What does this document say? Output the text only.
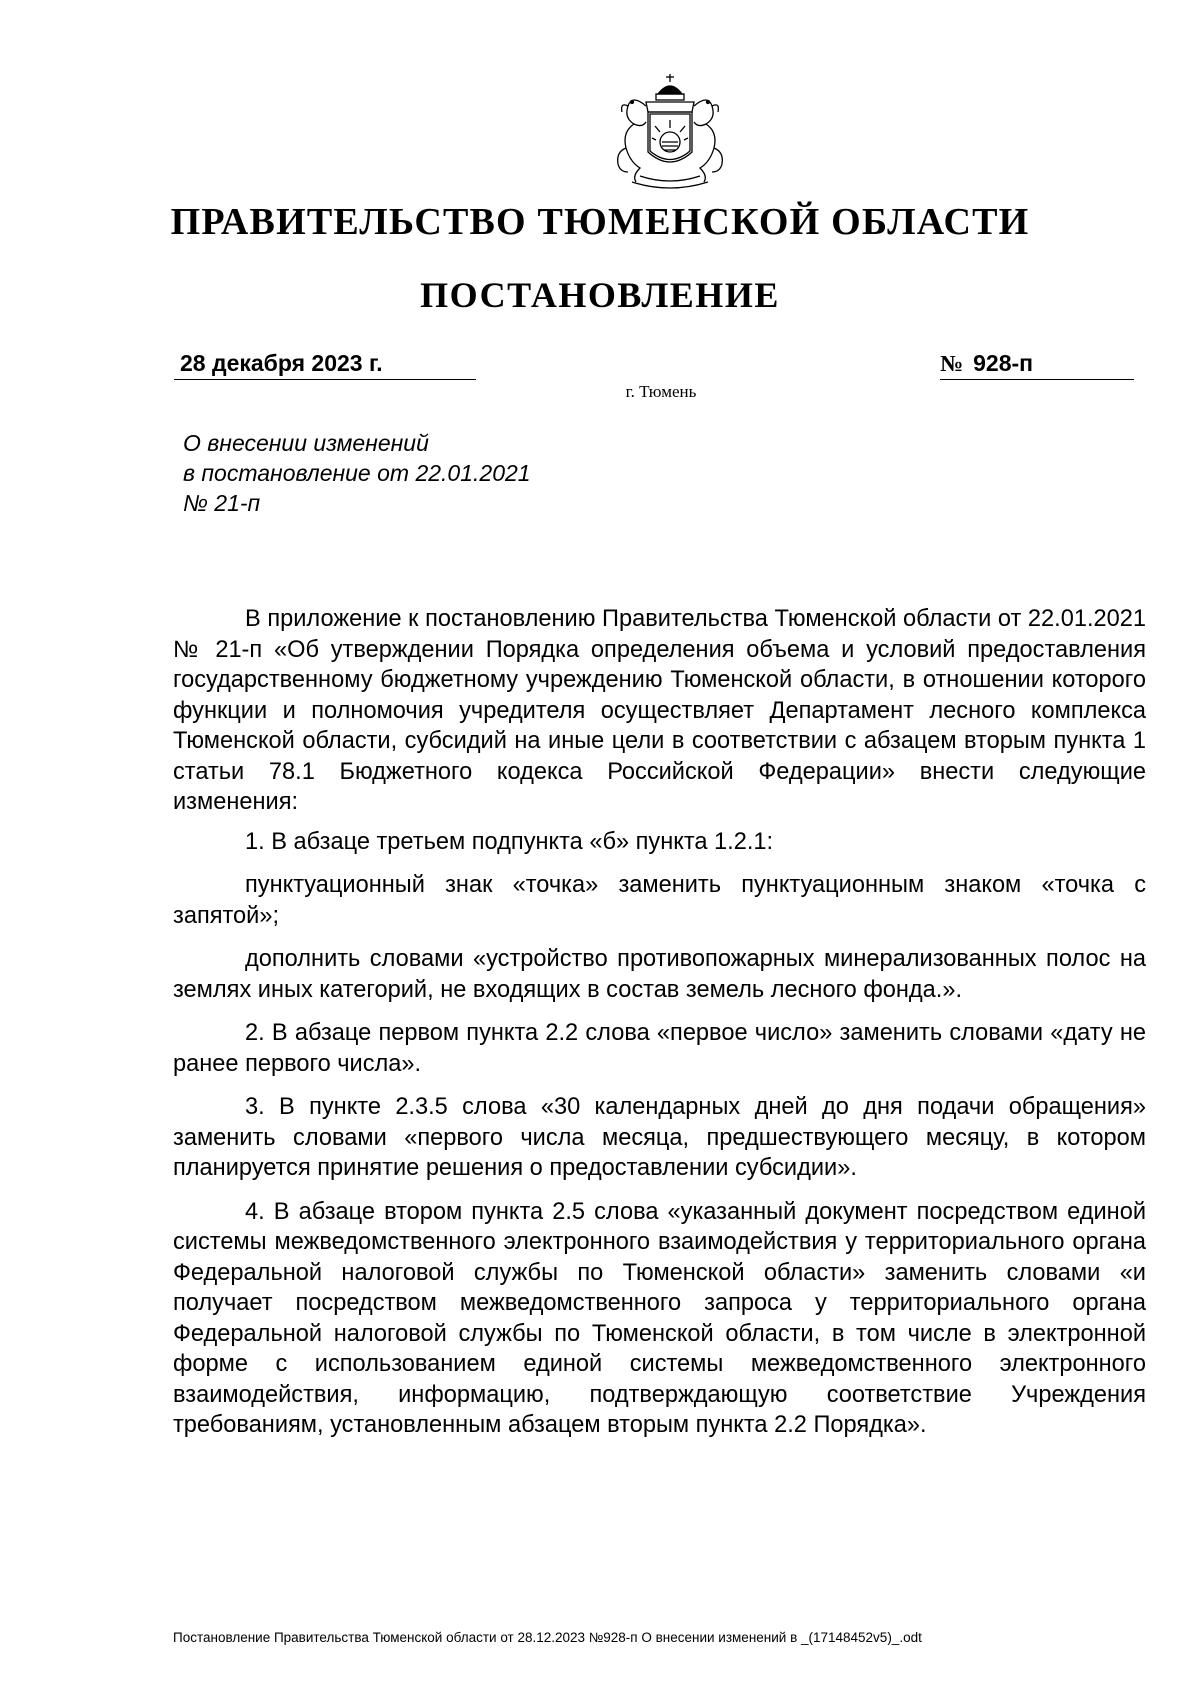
ПРАВИТЕЛЬСТВО ТЮМЕНСКОЙ ОБЛАСТИ
ПОСТАНОВЛЕНИЕ
28 декабря 2023 г.	№ 928-п
г. Тюмень
О внесении изменений
в постановление от 22.01.2021
№ 21-п

В приложение к постановлению Правительства Тюменской области от 22.01.2021 № 21-п «Об утверждении Порядка определения объема и условий предоставления государственному бюджетному учреждению Тюменской области, в отношении которого функции и полномочия учредителя осуществляет Департамент лесного комплекса Тюменской области, субсидий на иные цели в соответствии с абзацем вторым пункта 1 статьи 78.1 Бюджетного кодекса Российской Федерации» внести следующие изменения:

1. В абзаце третьем подпункта «б» пункта 1.2.1:

пунктуационный знак «точка» заменить пунктуационным знаком «точка с запятой»;

дополнить словами «устройство противопожарных минерализованных полос на землях иных категорий, не входящих в состав земель лесного фонда.».

2. В абзаце первом пункта 2.2 слова «первое число» заменить словами «дату не ранее первого числа».

3. В пункте 2.3.5 слова «30 календарных дней до дня подачи обращения» заменить словами «первого числа месяца, предшествующего месяцу, в котором планируется принятие решения о предоставлении субсидии».

4. В абзаце втором пункта 2.5 слова «указанный документ посредством единой системы межведомственного электронного взаимодействия у территориального органа Федеральной налоговой службы по Тюменской области» заменить словами «и получает посредством межведомственного запроса у территориального органа Федеральной налоговой службы по Тюменской области, в том числе в электронной форме с использованием единой системы межведомственного электронного взаимодействия, информацию, подтверждающую соответствие Учреждения требованиям, установленным абзацем вторым пункта 2.2 Порядка».

Постановление Правительства Тюменской области от 28.12.2023 №928-п О внесении изменений в _(17148452v5)_.odt
